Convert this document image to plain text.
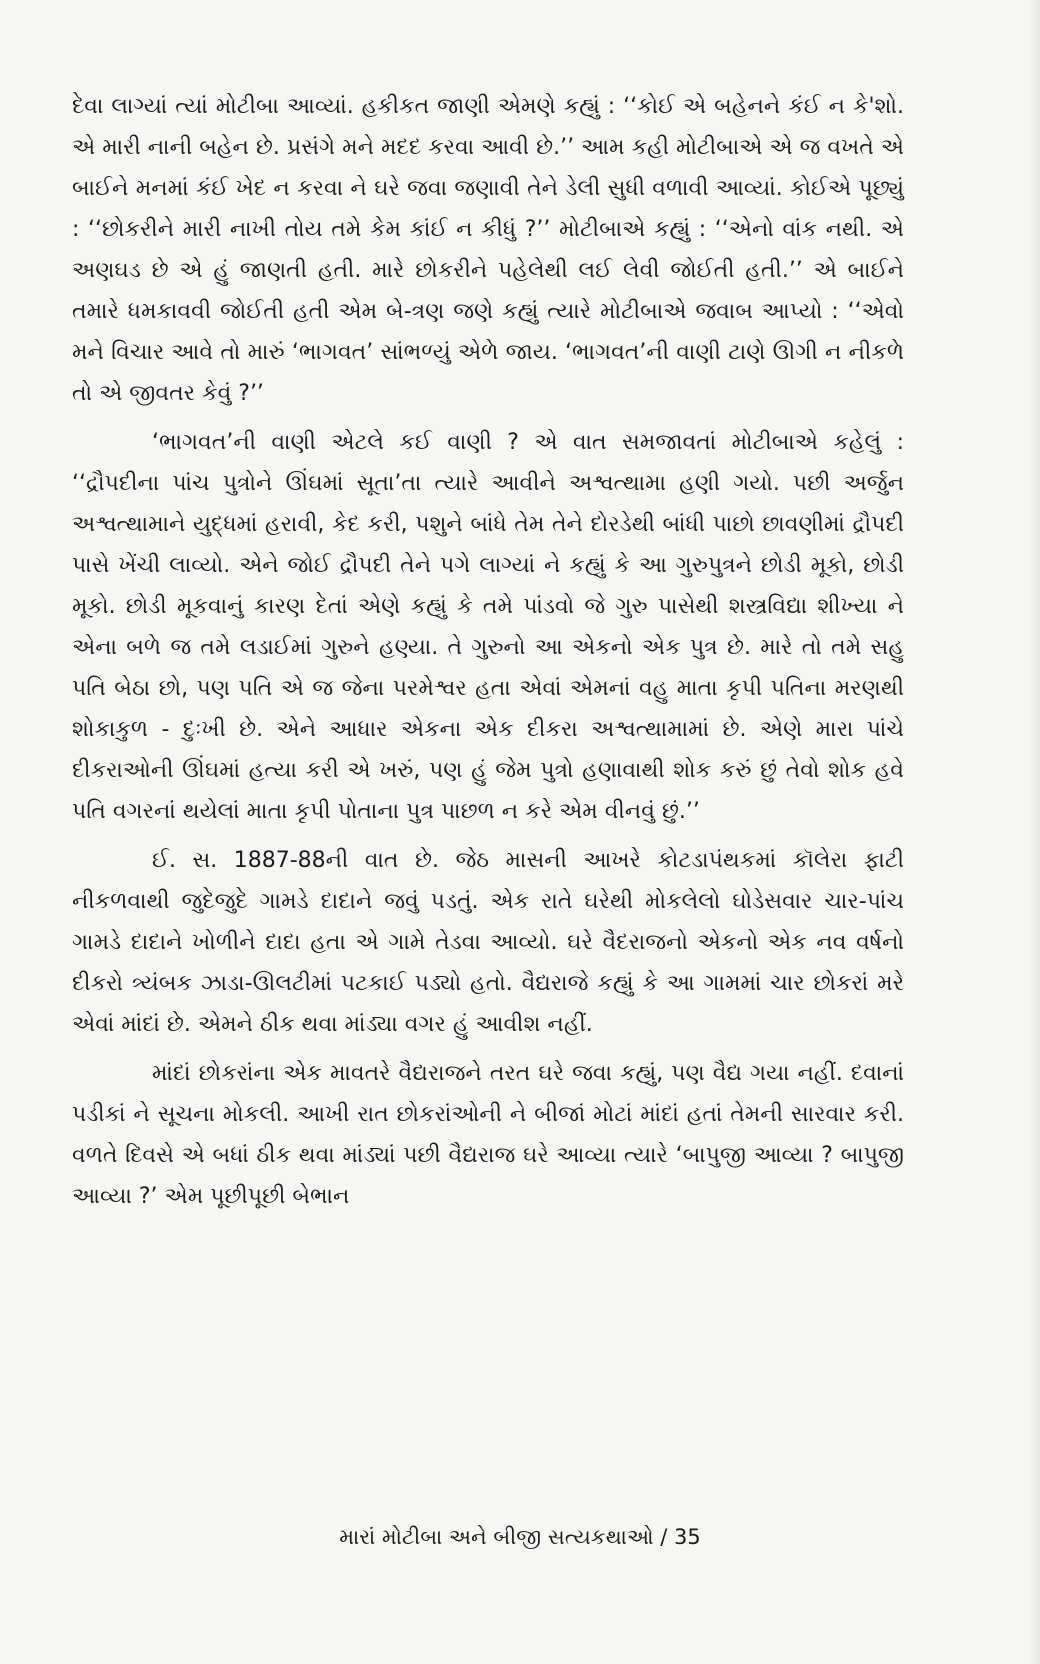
દેવા લાગ્યાં ત્યાં મોટીબા આવ્યાં. હકીકત જાણી એમણે કહ્યું : ‘‘કોઈ એ બહેનને કંઈ ન કે'શો. એ મારી નાની બહેન છે. પ્રસંગે મને મદદ કરવા આવી છે.’’ આમ કહી મોટીબાએ એ જ વખતે એ બાઈને મનમાં કંઈ ખેદ ન કરવા ને ઘરે જવા જણાવી તેને ડેલી સુધી વળાવી આવ્યાં. કોઈએ પૂછ્યું : ‘‘છોકરીને મારી નાખી તોય તમે કેમ કાંઈ ન કીધું ?’’ મોટીબાએ કહ્યું : ‘‘એનો વાંક નથી. એ અણઘડ છે એ હું જાણતી હતી. મારે છોકરીને પહેલેથી લઈ લેવી જોઈતી હતી.’’ એ બાઈને તમારે ધમકાવવી જોઈતી હતી એમ બે-ત્રણ જણે કહ્યું ત્યારે મોટીબાએ જવાબ આપ્યો : ‘‘એવો મને વિચાર આવે તો મારું ‘ભાગવત’ સાંભળ્યું એળે જાય. ‘ભાગવત’ની વાણી ટાણે ઊગી ન નીકળે તો એ જીવતર કેવું ?’’

‘ભાગવત’ની વાણી એટલે કઈ વાણી ? એ વાત સમજાવતાં મોટીબાએ કહેલું : ‘‘દ્રૌપદીના પાંચ પુત્રોને ઊંઘમાં સૂતા’તા ત્યારે આવીને અશ્વત્થામા હણી ગયો. પછી અર્જુન અશ્વત્થામાને યુદ્ધમાં હરાવી, કેદ કરી, પશુને બાંધે તેમ તેને દોરડેથી બાંધી પાછો છાવણીમાં દ્રૌપદી પાસે ખેંચી લાવ્યો. એને જોઈ દ્રૌપદી તેને પગે લાગ્યાં ને કહ્યું કે આ ગુરુપુત્રને છોડી મૂકો, છોડી મૂકો. છોડી મૂકવાનું કારણ દેતાં એણે કહ્યું કે તમે પાંડવો જે ગુરુ પાસેથી શસ્ત્રવિદ્યા શીખ્યા ને એના બળે જ તમે લડાઈમાં ગુરુને હણ્યા. તે ગુરુનો આ એકનો એક પુત્ર છે. મારે તો તમે સહુ પતિ બેઠા છો, પણ પતિ એ જ જેના પરમેશ્વર હતા એવાં એમનાં વહુ માતા કૃપી પતિના મરણથી શોકાકુળ - દુઃખી છે. એને આધાર એકના એક દીકરા અશ્વત્થામામાં છે. એણે મારા પાંચે દીકરાઓની ઊંઘમાં હત્યા કરી એ ખરું, પણ હું જેમ પુત્રો હણાવાથી શોક કરું છું તેવો શોક હવે પતિ વગરનાં થયેલાં માતા કૃપી પોતાના પુત્ર પાછળ ન કરે એમ વીનવું છું.’’

ઈ. સ. 1887-88ની વાત છે. જેઠ માસની આખરે કોટડાપંથકમાં કૉલેરા ફાટી નીકળવાથી જુદેજુદે ગામડે દાદાને જવું પડતું. એક રાતે ઘરેથી મોકલેલો ઘોડેસવાર ચાર-પાંચ ગામડે દાદાને ખોળીને દાદા હતા એ ગામે તેડવા આવ્યો. ઘરે વૈદરાજનો એકનો એક નવ વર્ષનો દીકરો ત્ર્યંબક ઝાડા-ઊલટીમાં પટકાઈ પડ્યો હતો. વૈદ્યરાજે કહ્યું કે આ ગામમાં ચાર છોકરાં મરે એવાં માંદાં છે. એમને ઠીક થવા માંડ્યા વગર હું આવીશ નહીં.

માંદાં છોકરાંના એક માવતરે વૈદ્યરાજને તરત ઘરે જવા કહ્યું, પણ વૈદ્ય ગયા નહીં. દવાનાં પડીકાં ને સૂચના મોકલી. આખી રાત છોકરાંઓની ને બીજાં મોટાં માંદાં હતાં તેમની સારવાર કરી. વળતે દિવસે એ બધાં ઠીક થવા માંડ્યાં પછી વૈદ્યરાજ ઘરે આવ્યા ત્યારે ‘બાપુજી આવ્યા ? બાપુજી આવ્યા ?’ એમ પૂછીપૂછી બેભાન

મારાં મોટીબા અને બીજી સત્યકથાઓ / 35
